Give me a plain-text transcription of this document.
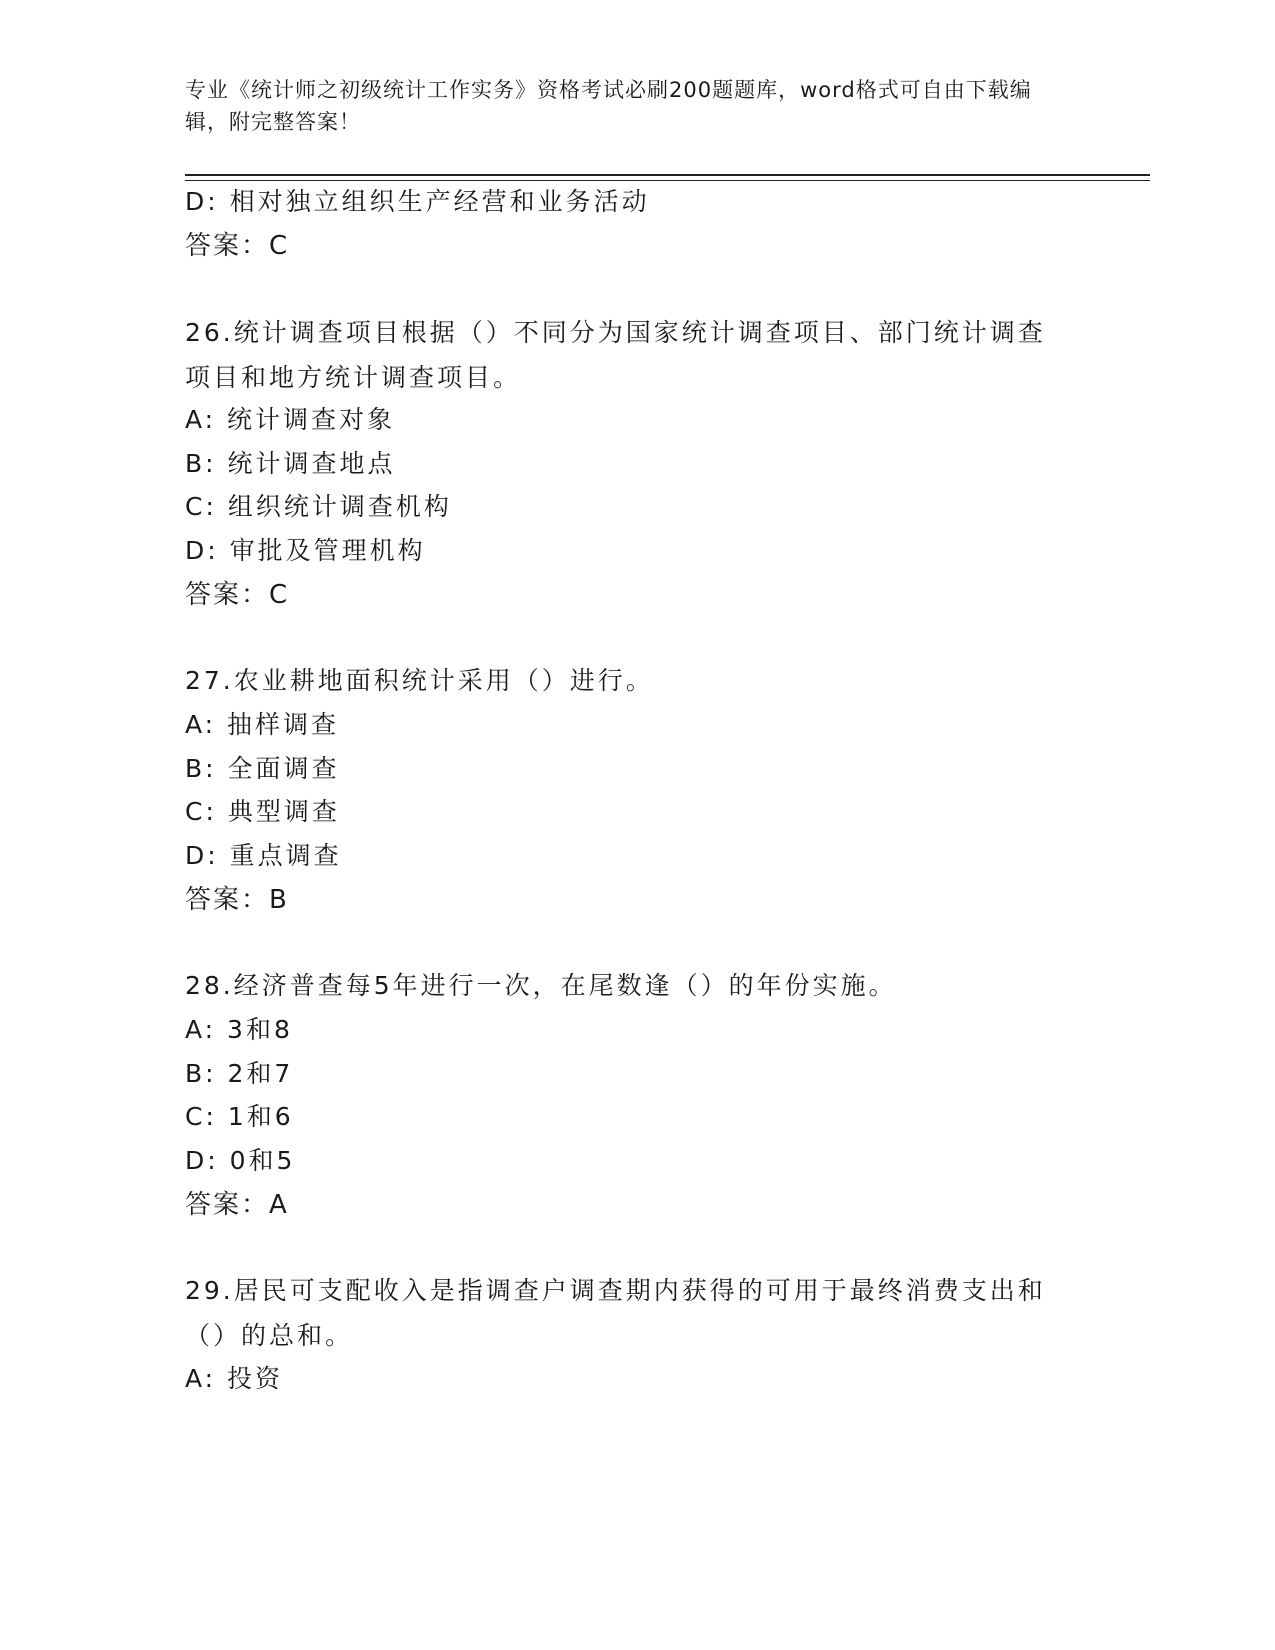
专业《统计师之初级统计工作实务》资格考试必刷200题题库，word格式可自由下载编辑，附完整答案！
D: 相对独立组织生产经营和业务活动
答案：C
26.统计调查项目根据（）不同分为国家统计调查项目、部门统计调查项目和地方统计调查项目。
A: 统计调查对象
B: 统计调查地点
C: 组织统计调查机构
D: 审批及管理机构
答案：C
27.农业耕地面积统计采用（）进行。
A: 抽样调查
B: 全面调查
C: 典型调查
D: 重点调查
答案：B
28.经济普查每5年进行一次，在尾数逢（）的年份实施。
A: 3和8
B: 2和7
C: 1和6
D: 0和5
答案：A
29.居民可支配收入是指调查户调查期内获得的可用于最终消费支出和（）的总和。
A: 投资
